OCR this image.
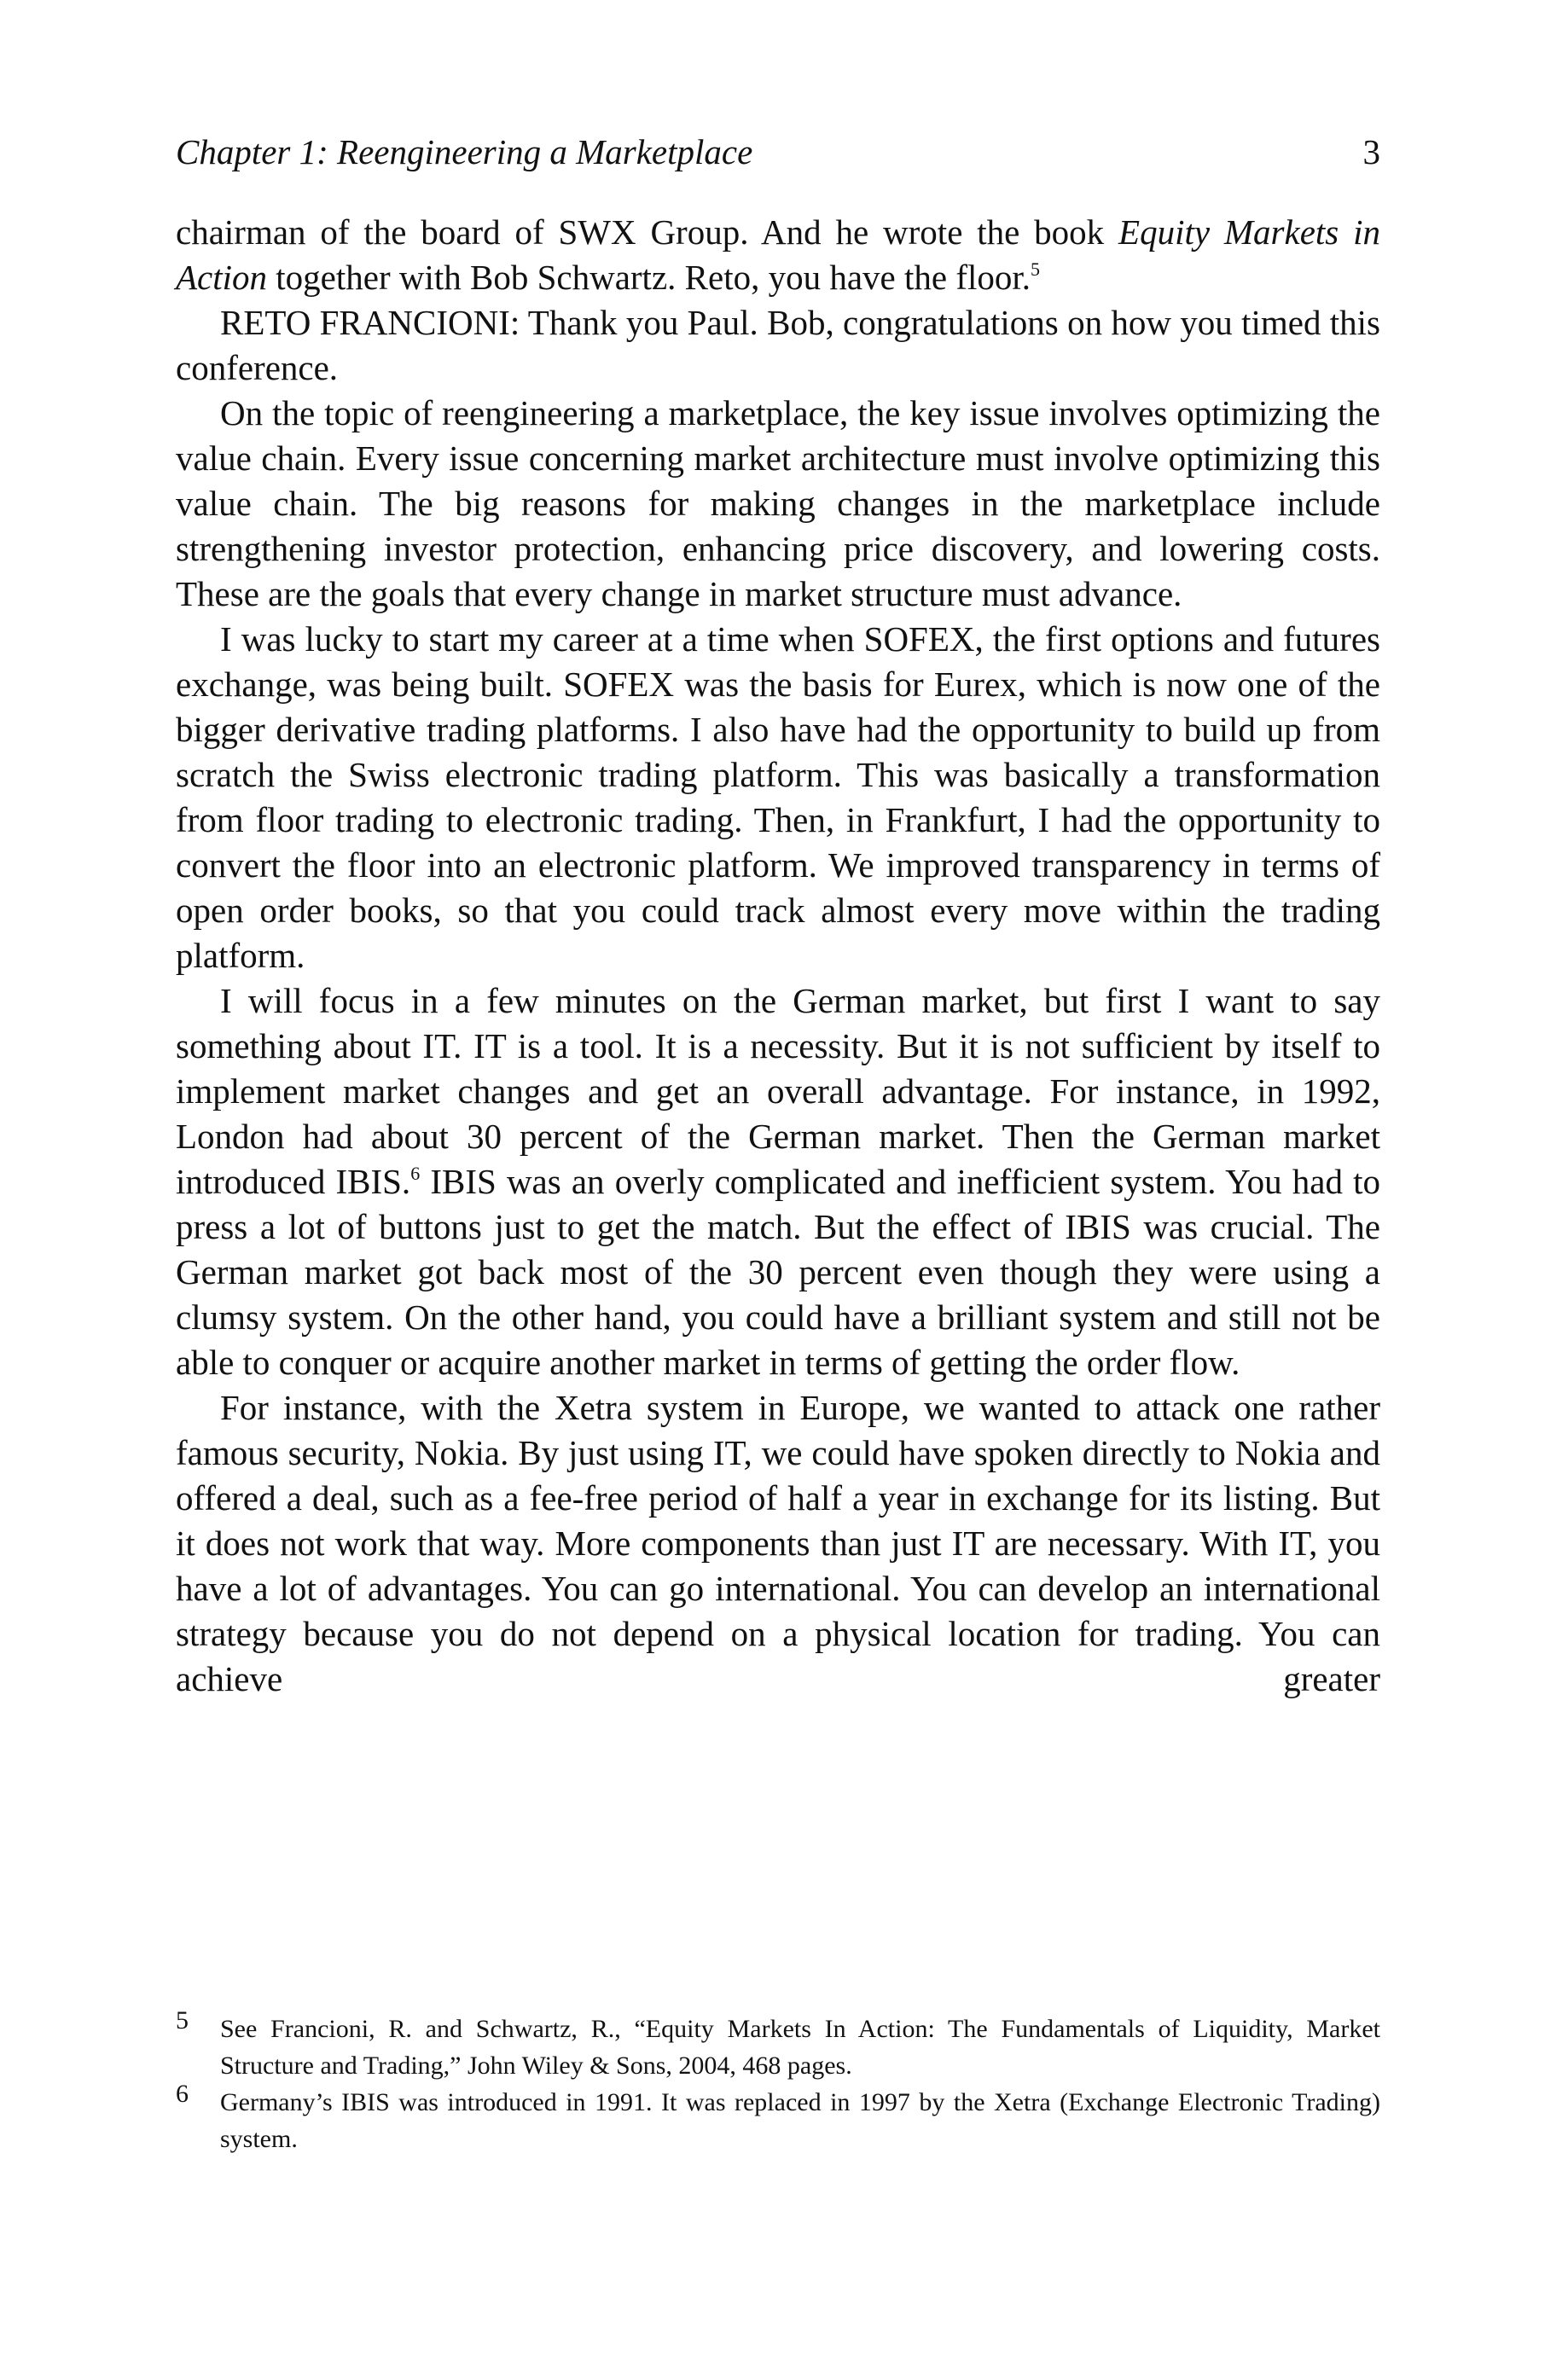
Chapter 1: Reengineering a Marketplace	3

chairman of the board of SWX Group. And he wrote the book Equity Markets in Action together with Bob Schwartz. Reto, you have the floor.$^5$

RETO FRANCIONI: Thank you Paul. Bob, congratulations on how you timed this conference.

On the topic of reengineering a marketplace, the key issue involves optimizing the value chain. Every issue concerning market architecture must involve optimizing this value chain. The big reasons for making changes in the marketplace include strengthening investor protection, enhancing price discovery, and lowering costs. These are the goals that every change in market structure must advance.

I was lucky to start my career at a time when SOFEX, the first options and futures exchange, was being built. SOFEX was the basis for Eurex, which is now one of the bigger derivative trading platforms. I also have had the opportunity to build up from scratch the Swiss electronic trading platform. This was basically a transformation from floor trading to electronic trading. Then, in Frankfurt, I had the opportunity to convert the floor into an electronic platform. We improved transparency in terms of open order books, so that you could track almost every move within the trading platform.

I will focus in a few minutes on the German market, but first I want to say something about IT. IT is a tool. It is a necessity. But it is not sufficient by itself to implement market changes and get an overall advantage. For instance, in 1992, London had about 30 percent of the German market. Then the German market introduced IBIS.$^6$ IBIS was an overly complicated and inefficient system. You had to press a lot of buttons just to get the match. But the effect of IBIS was crucial. The German market got back most of the 30 percent even though they were using a clumsy system. On the other hand, you could have a brilliant system and still not be able to conquer or acquire another market in terms of getting the order flow.

For instance, with the Xetra system in Europe, we wanted to attack one rather famous security, Nokia. By just using IT, we could have spoken directly to Nokia and offered a deal, such as a fee-free period of half a year in exchange for its listing. But it does not work that way. More components than just IT are necessary. With IT, you have a lot of advantages. You can go international. You can develop an international strategy because you do not depend on a physical location for trading. You can achieve greater

5 See Francioni, R. and Schwartz, R., “Equity Markets In Action: The Fundamentals of Liquidity, Market Structure and Trading,” John Wiley & Sons, 2004, 468 pages.
6 Germany’s IBIS was introduced in 1991. It was replaced in 1997 by the Xetra (Exchange Electronic Trading) system.
